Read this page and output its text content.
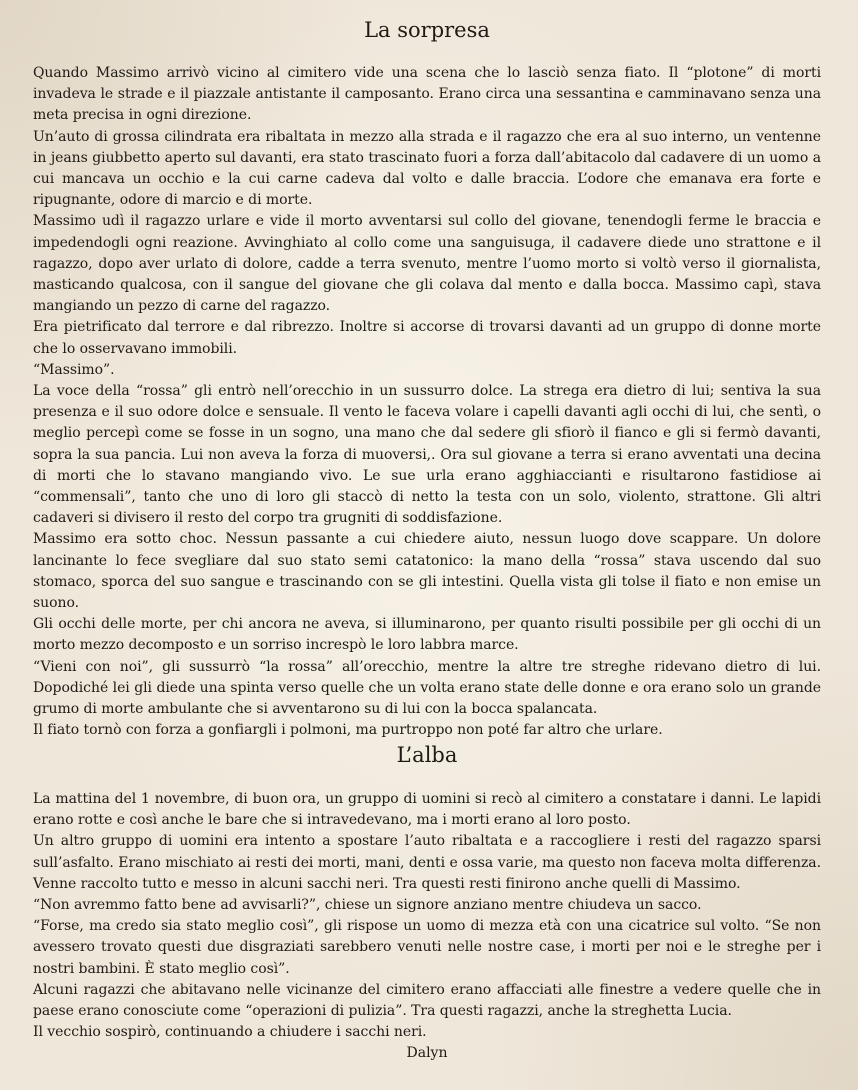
La sorpresa

Quando Massimo arrivò vicino al cimitero vide una scena che lo lasciò senza fiato. Il “plotone” di morti invadeva le strade e il piazzale antistante il camposanto. Erano circa una sessantina e camminavano senza una meta precisa in ogni direzione.

Un’auto di grossa cilindrata era ribaltata in mezzo alla strada e il ragazzo che era al suo interno, un ventenne in jeans giubbetto aperto sul davanti, era stato trascinato fuori a forza dall’abitacolo dal cadavere di un uomo a cui mancava un occhio e la cui carne cadeva dal volto e dalle braccia. L’odore che emanava era forte e ripugnante, odore di marcio e di morte.

Massimo udì il ragazzo urlare e vide il morto avventarsi sul collo del giovane, tenendogli ferme le braccia e impedendogli ogni reazione. Avvinghiato al collo come una sanguisuga, il cadavere diede uno strattone e il ragazzo, dopo aver urlato di dolore, cadde a terra svenuto, mentre l’uomo morto si voltò verso il giornalista, masticando qualcosa, con il sangue del giovane che gli colava dal mento e dalla bocca. Massimo capì, stava mangiando un pezzo di carne del ragazzo.

Era pietrificato dal terrore e dal ribrezzo. Inoltre si accorse di trovarsi davanti ad un gruppo di donne morte che lo osservavano immobili.

“Massimo”.

La voce della “rossa” gli entrò nell’orecchio in un sussurro dolce. La strega era dietro di lui; sentiva la sua presenza e il suo odore dolce e sensuale. Il vento le faceva volare i capelli davanti agli occhi di lui, che sentì, o meglio percepì come se fosse in un sogno, una mano che dal sedere gli sfiorò il fianco e gli si fermò davanti, sopra la sua pancia. Lui non aveva la forza di muoversi,. Ora sul giovane a terra si erano avventati una decina di morti che lo stavano mangiando vivo. Le sue urla erano agghiaccianti e risultarono fastidiose ai “commensali”, tanto che uno di loro gli staccò di netto la testa con un solo, violento, strattone. Gli altri cadaveri si divisero il resto del corpo tra grugniti di soddisfazione.

Massimo era sotto choc. Nessun passante a cui chiedere aiuto, nessun luogo dove scappare. Un dolore lancinante lo fece svegliare dal suo stato semi catatonico: la mano della “rossa” stava uscendo dal suo stomaco, sporca del suo sangue e trascinando con se gli intestini. Quella vista gli tolse il fiato e non emise un suono.

Gli occhi delle morte, per chi ancora ne aveva, si illuminarono, per quanto risulti possibile per gli occhi di un morto mezzo decomposto e un sorriso increspò le loro labbra marce.

“Vieni con noi”, gli sussurrò “la rossa” all’orecchio, mentre la altre tre streghe ridevano dietro di lui. Dopodiché lei gli diede una spinta verso quelle che un volta erano state delle donne e ora erano solo un grande grumo di morte ambulante che si avventarono su di lui con la bocca spalancata.

Il fiato tornò con forza a gonfiargli i polmoni, ma purtroppo non poté far altro che urlare.

L’alba

La mattina del 1 novembre, di buon ora, un gruppo di uomini si recò al cimitero a constatare i danni. Le lapidi erano rotte e così anche le bare che si intravedevano, ma i morti erano al loro posto.

Un altro gruppo di uomini era intento a spostare l’auto ribaltata e a raccogliere i resti del ragazzo sparsi sull’asfalto. Erano mischiato ai resti dei morti, mani, denti e ossa varie, ma questo non faceva molta differenza. Venne raccolto tutto e messo in alcuni sacchi neri. Tra questi resti finirono anche quelli di Massimo.

“Non avremmo fatto bene ad avvisarli?”, chiese un signore anziano mentre chiudeva un sacco.

“Forse, ma credo sia stato meglio così”, gli rispose un uomo di mezza età con una cicatrice sul volto. “Se non avessero trovato questi due disgraziati sarebbero venuti nelle nostre case, i morti per noi e le streghe per i nostri bambini. È stato meglio così”.

Alcuni ragazzi che abitavano nelle vicinanze del cimitero erano affacciati alle finestre a vedere quelle che in paese erano conosciute come “operazioni di pulizia”. Tra questi ragazzi, anche la streghetta Lucia.

Il vecchio sospirò, continuando a chiudere i sacchi neri.

Dalyn
